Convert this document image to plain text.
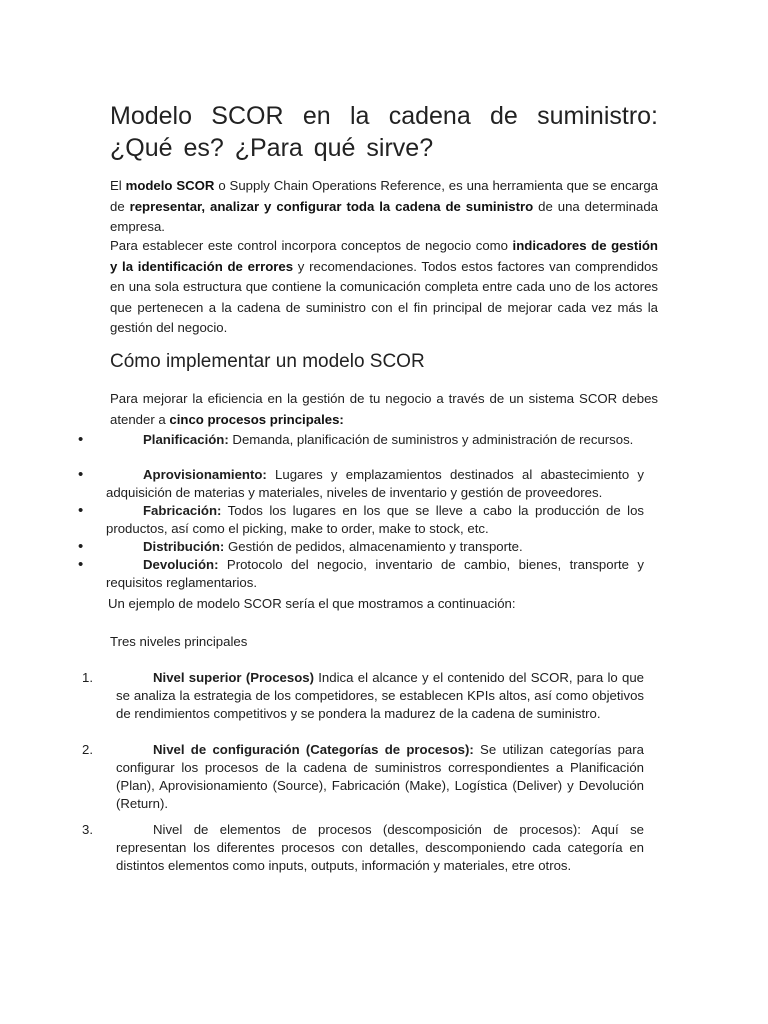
Modelo SCOR en la cadena de suministro: ¿Qué es? ¿Para qué sirve?

El modelo SCOR o Supply Chain Operations Reference, es una herramienta que se encarga de representar, analizar y configurar toda la cadena de suministro de una determinada empresa.

Para establecer este control incorpora conceptos de negocio como indicadores de gestión y la identificación de errores y recomendaciones. Todos estos factores van comprendidos en una sola estructura que contiene la comunicación completa entre cada uno de los actores que pertenecen a la cadena de suministro con el fin principal de mejorar cada vez más la gestión del negocio.

Cómo implementar un modelo SCOR

Para mejorar la eficiencia en la gestión de tu negocio a través de un sistema SCOR debes atender a cinco procesos principales:

•	Planificación: Demanda, planificación de suministros y administración de recursos.
•	Aprovisionamiento: Lugares y emplazamientos destinados al abastecimiento y adquisición de materias y materiales, niveles de inventario y gestión de proveedores.
•	Fabricación: Todos los lugares en los que se lleve a cabo la producción de los productos, así como el picking, make to order, make to stock, etc.
•	Distribución: Gestión de pedidos, almacenamiento y transporte.
•	Devolución: Protocolo del negocio, inventario de cambio, bienes, transporte y requisitos reglamentarios.

Un ejemplo de modelo SCOR sería el que mostramos a continuación:

Tres niveles principales

1.	Nivel superior (Procesos) Indica el alcance y el contenido del SCOR, para lo que se analiza la estrategia de los competidores, se establecen KPIs altos, así como objetivos de rendimientos competitivos y se pondera la madurez de la cadena de suministro.
2.	Nivel de configuración (Categorías de procesos): Se utilizan categorías para configurar los procesos de la cadena de suministros correspondientes a Planificación (Plan), Aprovisionamiento (Source), Fabricación (Make), Logística (Deliver) y Devolución (Return).
3.	Nivel de elementos de procesos (descomposición de procesos): Aquí se representan los diferentes procesos con detalles, descomponiendo cada categoría en distintos elementos como inputs, outputs, información y materiales, etre otros.
